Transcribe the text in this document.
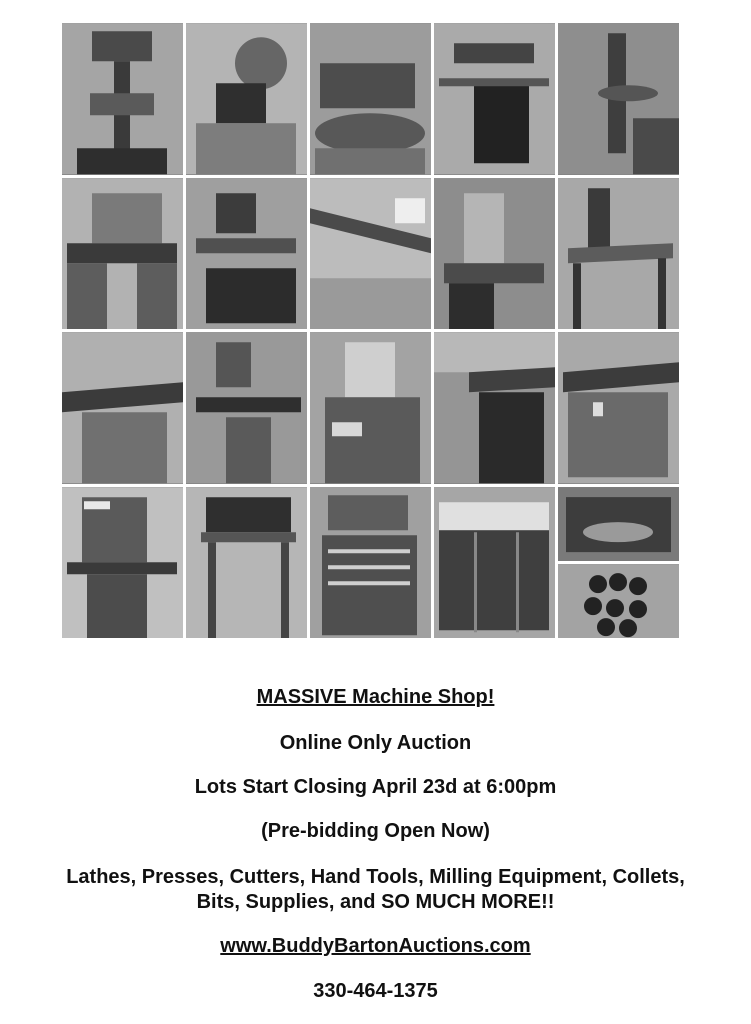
MASSIVE Machine Shop!
Online Only Auction
Lots Start Closing April 23d at 6:00pm
(Pre-bidding Open Now)
Lathes, Presses, Cutters, Hand Tools, Milling Equipment, Collets,
Bits, Supplies, and SO MUCH MORE!!
www.BuddyBartonAuctions.com
330-464-1375
